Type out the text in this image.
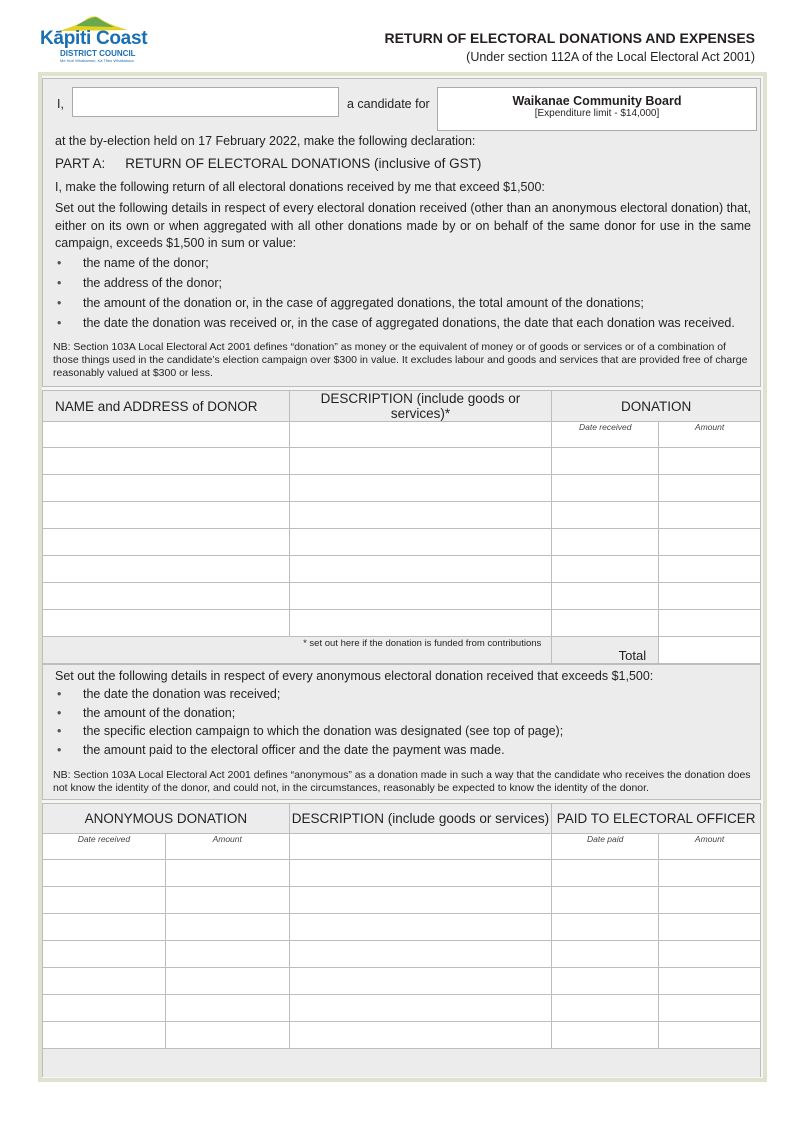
Kāpiti Coast
DISTRICT COUNCIL
Me Huri Whakamuri, Ka Titiro Whakamua
RETURN OF ELECTORAL DONATIONS AND EXPENSES
(Under section 112A of the Local Electoral Act 2001)
I,	a candidate for	Waikanae Community Board
[Expenditure limit - $14,000]
at the by-election held on 17 February 2022, make the following declaration:
PART A: RETURN OF ELECTORAL DONATIONS (inclusive of GST)
I, make the following return of all electoral donations received by me that exceed $1,500:
Set out the following details in respect of every electoral donation received (other than an anonymous electoral donation) that, either on its own or when aggregated with all other donations made by or on behalf of the same donor for use in the same campaign, exceeds $1,500 in sum or value:
• the name of the donor;
• the address of the donor;
• the amount of the donation or, in the case of aggregated donations, the total amount of the donations;
• the date the donation was received or, in the case of aggregated donations, the date that each donation was received.
NB: Section 103A Local Electoral Act 2001 defines “donation” as money or the equivalent of money or of goods or services or of a combination of those things used in the candidate’s election campaign over $300 in value. It excludes labour and goods and services that are provided free of charge reasonably valued at $300 or less.
NAME and ADDRESS of DONOR	DESCRIPTION (include goods or services)*	DONATION	
		Date received	Amount

* set out here if the donation is funded from contributions		Total	
Set out the following details in respect of every anonymous electoral donation received that exceeds $1,500:
• the date the donation was received;
• the amount of the donation;
• the specific election campaign to which the donation was designated (see top of page);
• the amount paid to the electoral officer and the date the payment was made.
NB: Section 103A Local Electoral Act 2001 defines “anonymous” as a donation made in such a way that the candidate who receives the donation does not know the identity of the donor, and could not, in the circumstances, reasonably be expected to know the identity of the donor.
ANONYMOUS DONATION		DESCRIPTION (include goods or services)	PAID TO ELECTORAL OFFICER	
Date received	Amount		Date paid	Amount
